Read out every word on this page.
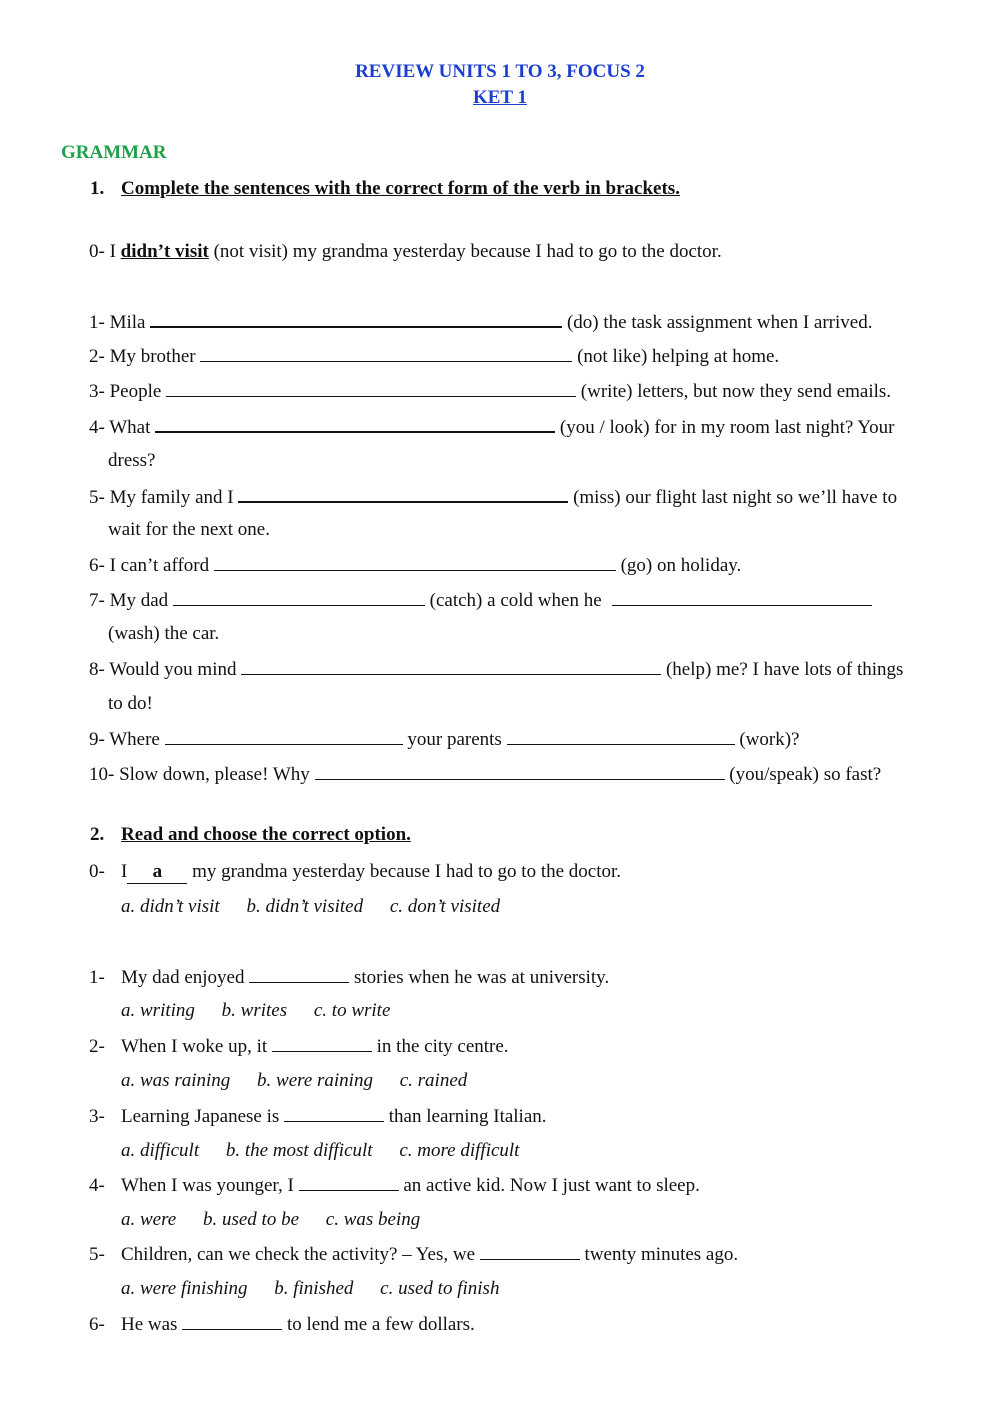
REVIEW UNITS 1 TO 3, FOCUS 2
KET 1
GRAMMAR
1. Complete the sentences with the correct form of the verb in brackets.
0- I didn’t visit (not visit) my grandma yesterday because I had to go to the doctor.
1- Mila	(do) the task assignment when I arrived.
2- My brother	(not like) helping at home.
3- People	(write) letters, but now they send emails.
4- What	(you / look) for in my room last night? Your
dress?
5- My family and I	(miss) our flight last night so we’ll have to
wait for the next one.
6- I can’t afford	(go) on holiday.
7- My dad	(catch) a cold when he
(wash) the car.
8- Would you mind	(help) me? I have lots of things
to do!
9- Where	your parents	(work)?
10- Slow down, please! Why	(you/speak) so fast?
2. Read and choose the correct option.
0- I a my grandma yesterday because I had to go to the doctor.
a. didn’t visit b. didn’t visited c. don’t visited
1- My dad enjoyed	stories when he was at university.
a. writing b. writes c. to write
2- When I woke up, it	in the city centre.
a. was raining b. were raining c. rained
3- Learning Japanese is	than learning Italian.
a. difficult b. the most difficult c. more difficult
4- When I was younger, I	an active kid. Now I just want to sleep.
a. were b. used to be c. was being
5- Children, can we check the activity? – Yes, we	twenty minutes ago.
a. were finishing b. finished c. used to finish
6- He was	to lend me a few dollars.
